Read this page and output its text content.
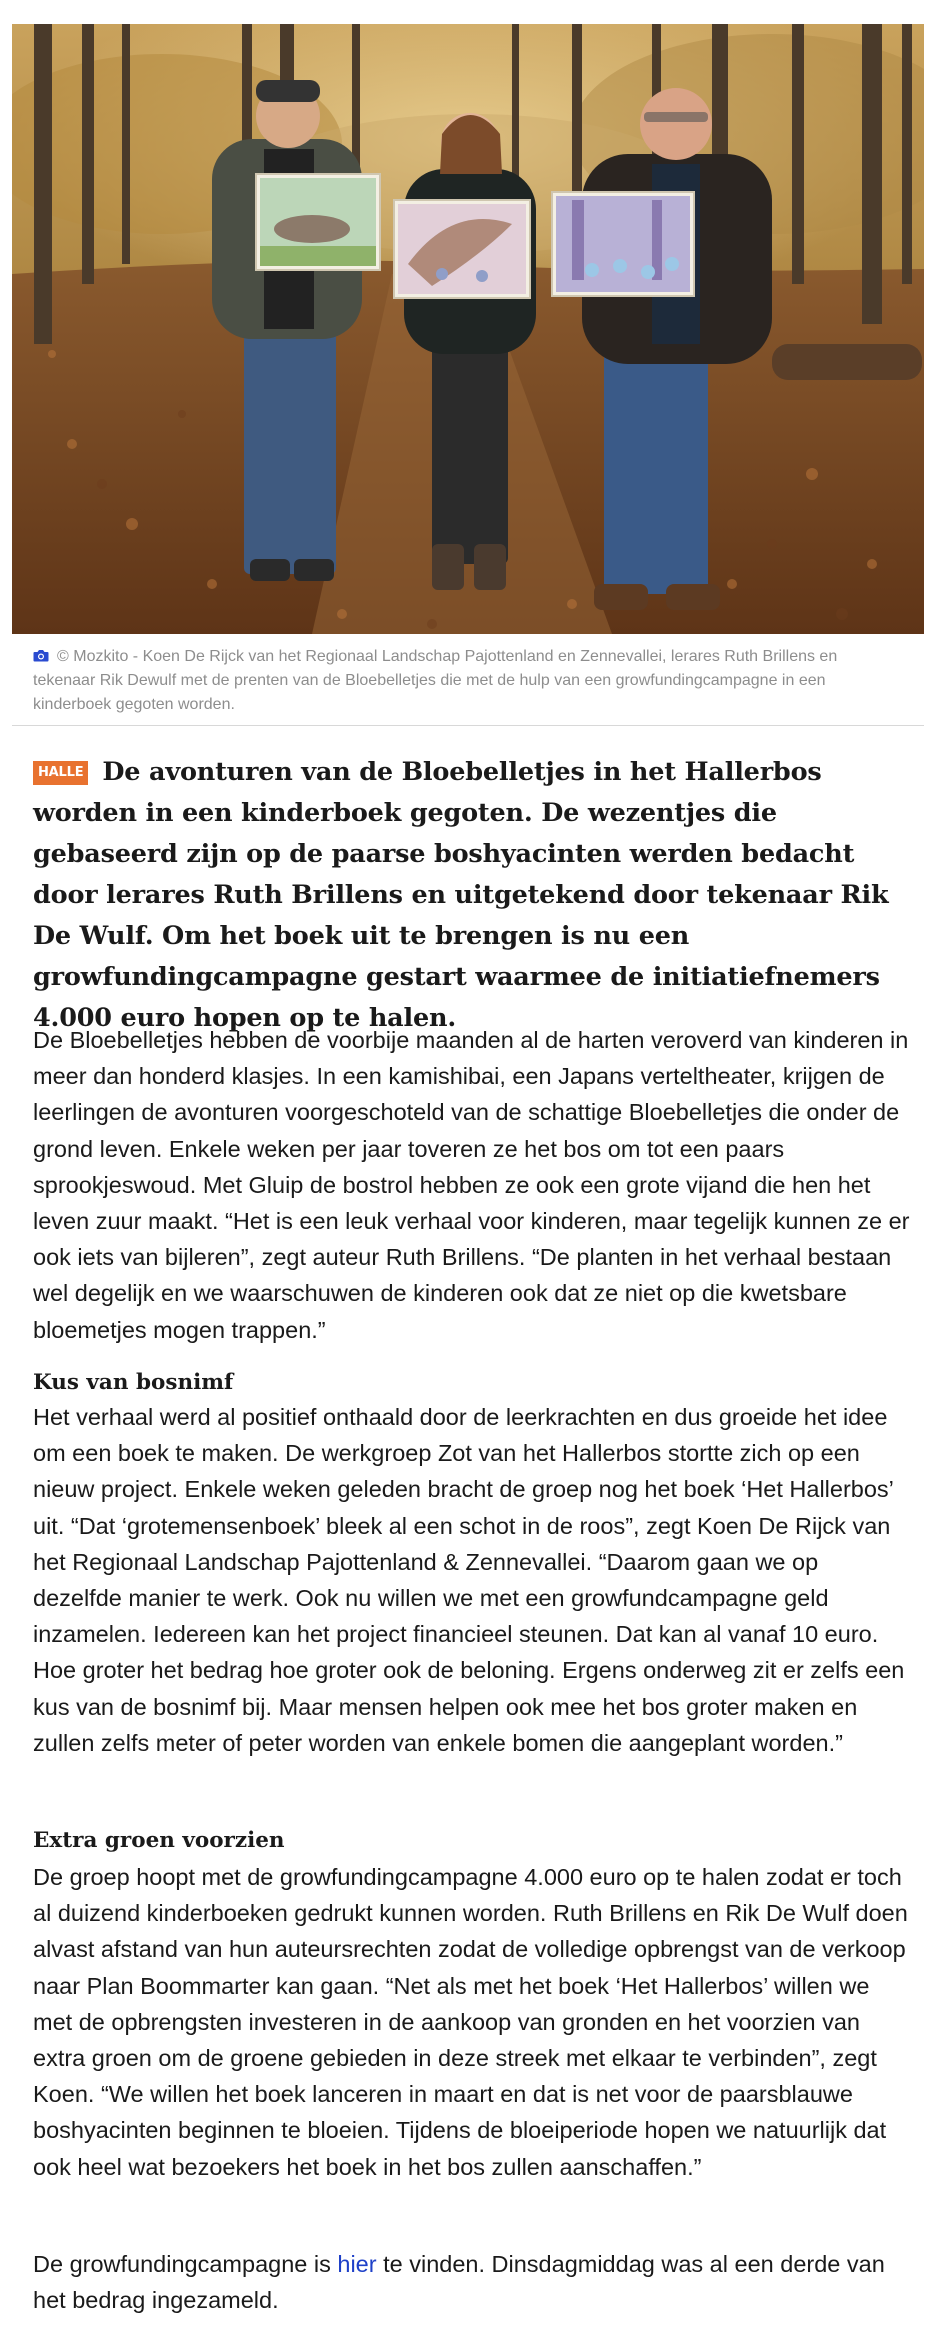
© Mozkito - Koen De Rijck van het Regionaal Landschap Pajottenland en Zennevallei, lerares Ruth Brillens en tekenaar Rik Dewulf met de prenten van de Bloebelletjes die met de hulp van een growfundingcampagne in een kinderboek gegoten worden.
HALLE De avonturen van de Bloebelletjes in het Hallerbos worden in een kinderboek gegoten. De wezentjes die gebaseerd zijn op de paarse boshyacinten werden bedacht door lerares Ruth Brillens en uitgetekend door tekenaar Rik De Wulf. Om het boek uit te brengen is nu een growfundingcampagne gestart waarmee de initiatiefnemers 4.000 euro hopen op te halen.

De Bloebelletjes hebben de voorbije maanden al de harten veroverd van kinderen in meer dan honderd klasjes. In een kamishibai, een Japans verteltheater, krijgen de leerlingen de avonturen voorgeschoteld van de schattige Bloebelletjes die onder de grond leven. Enkele weken per jaar toveren ze het bos om tot een paars sprookjeswoud. Met Gluip de bostrol hebben ze ook een grote vijand die hen het leven zuur maakt. “Het is een leuk verhaal voor kinderen, maar tegelijk kunnen ze er ook iets van bijleren”, zegt auteur Ruth Brillens. “De planten in het verhaal bestaan wel degelijk en we waarschuwen de kinderen ook dat ze niet op die kwetsbare bloemetjes mogen trappen.”

Kus van bosnimf

Het verhaal werd al positief onthaald door de leerkrachten en dus groeide het idee om een boek te maken. De werkgroep Zot van het Hallerbos stortte zich op een nieuw project. Enkele weken geleden bracht de groep nog het boek ‘Het Hallerbos’ uit. “Dat ‘grotemensenboek’ bleek al een schot in de roos”, zegt Koen De Rijck van het Regionaal Landschap Pajottenland & Zennevallei. “Daarom gaan we op dezelfde manier te werk. Ook nu willen we met een growfundcampagne geld inzamelen. Iedereen kan het project financieel steunen. Dat kan al vanaf 10 euro. Hoe groter het bedrag hoe groter ook de beloning. Ergens onderweg zit er zelfs een kus van de bosnimf bij. Maar mensen helpen ook mee het bos groter maken en zullen zelfs meter of peter worden van enkele bomen die aangeplant worden.”

Extra groen voorzien

De groep hoopt met de growfundingcampagne 4.000 euro op te halen zodat er toch al duizend kinderboeken gedrukt kunnen worden. Ruth Brillens en Rik De Wulf doen alvast afstand van hun auteursrechten zodat de volledige opbrengst van de verkoop naar Plan Boommarter kan gaan. “Net als met het boek ‘Het Hallerbos’ willen we met de opbrengsten investeren in de aankoop van gronden en het voorzien van extra groen om de groene gebieden in deze streek met elkaar te verbinden”, zegt Koen. “We willen het boek lanceren in maart en dat is net voor de paarsblauwe boshyacinten beginnen te bloeien. Tijdens de bloeiperiode hopen we natuurlijk dat ook heel wat bezoekers het boek in het bos zullen aanschaffen.”

De growfundingcampagne is hier te vinden. Dinsdagmiddag was al een derde van het bedrag ingezameld.
